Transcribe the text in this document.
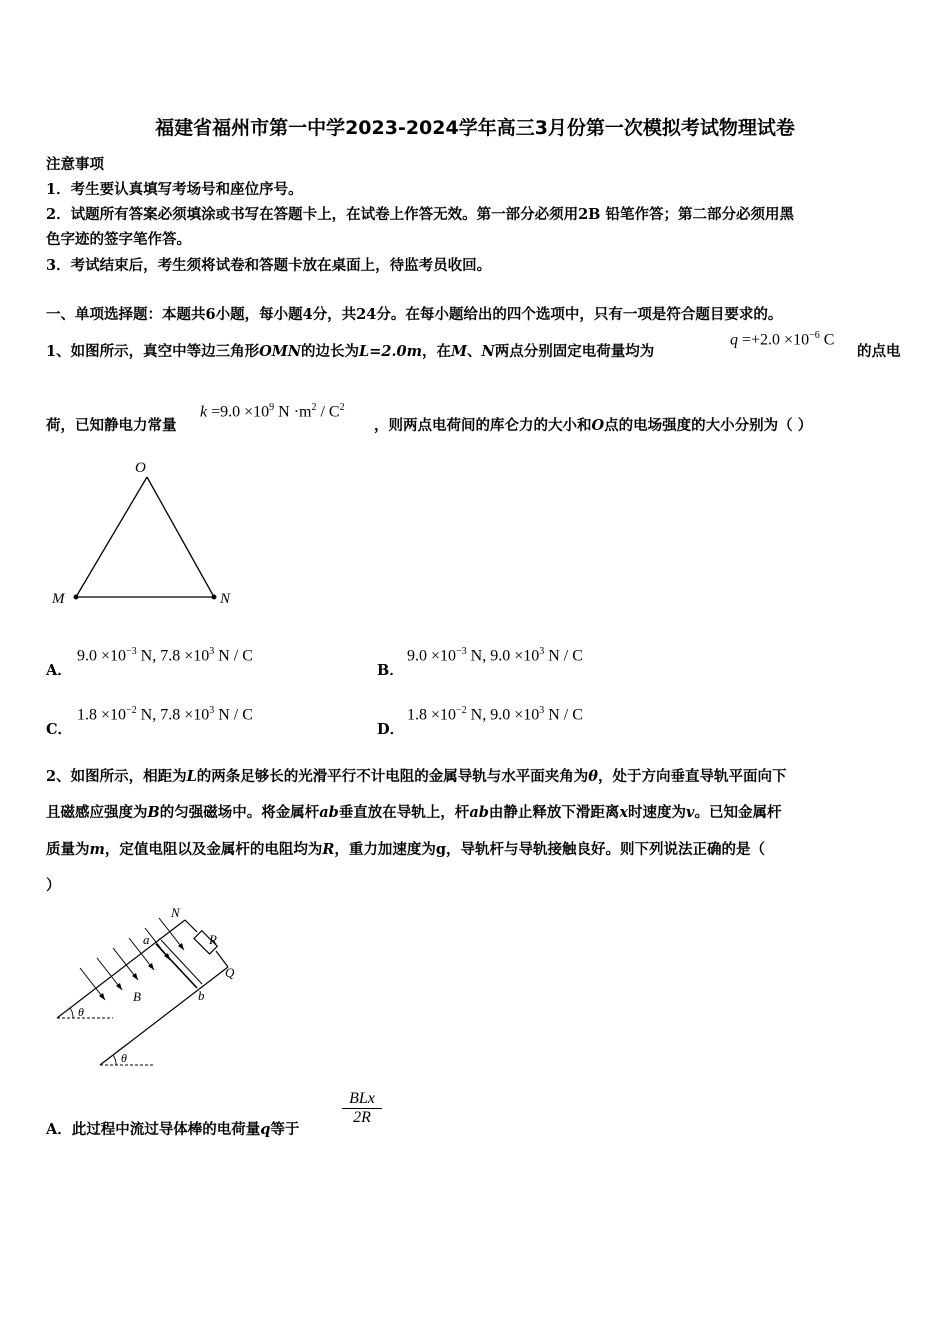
福建省福州市第一中学2023-2024学年高三3月份第一次模拟考试物理试卷
注意事项
1．考生要认真填写考场号和座位序号。
2．试题所有答案必须填涂或书写在答题卡上，在试卷上作答无效。第一部分必须用2B 铅笔作答；第二部分必须用黑
色字迹的签字笔作答。
3．考试结束后，考生须将试卷和答题卡放在桌面上，待监考员收回。
一、单项选择题：本题共6小题，每小题4分，共24分。在每小题给出的四个选项中，只有一项是符合题目要求的。
1、如图所示，真空中等边三角形OMN的边长为L=2.0m，在M、N两点分别固定电荷量均为
$q =+2.0 \times 10^{-6}$ C
的点电
荷，已知静电力常量
$k =9.0 \times 10^9$ $N \cdot m^2 / C^2$
，则两点电荷间的库仑力的大小和O点的电场强度的大小分别为（ ）
O
M	N
A．
$9.0 \times 10^{-3}$ N, $7.8 \times 10^3$ N / C
B．
$9.0 \times 10^{-3}$ N, $9.0 \times 10^3$ N / C
C．
$1.8 \times 10^{-2}$ N, $7.8 \times 10^3$ N / C
D．
$1.8 \times 10^{-2}$ N, $9.0 \times 10^3$ N / C
2、如图所示，相距为L的两条足够长的光滑平行不计电阻的金属导轨与水平面夹角为θ，处于方向垂直导轨平面向下
且磁感应强度为B的匀强磁场中。将金属杆ab垂直放在导轨上，杆ab由静止释放下滑距离x时速度为v。已知金属杆
质量为m，定值电阻以及金属杆的电阻均为R，重力加速度为g，导轨杆与导轨接触良好。则下列说法正确的是（
）
N
R
Q
a
b
B
θ
θ
A．此过程中流过导体棒的电荷量q等于
BLx
2R
